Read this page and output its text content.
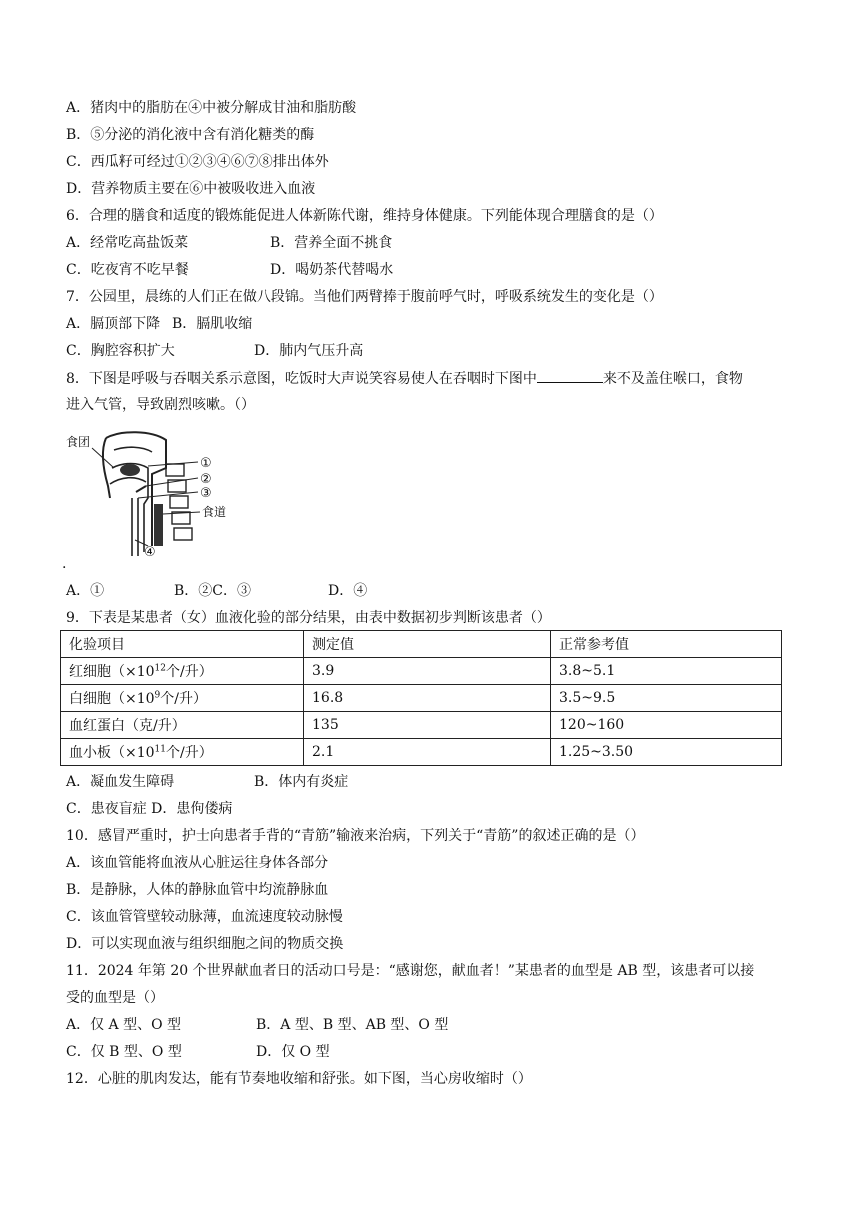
A．猪肉中的脂肪在④中被分解成甘油和脂肪酸
B．⑤分泌的消化液中含有消化糖类的酶
C．西瓜籽可经过①②③④⑥⑦⑧排出体外
D．营养物质主要在⑥中被吸收进入血液
6．合理的膳食和适度的锻炼能促进人体新陈代谢，维持身体健康。下列能体现合理膳食的是（）
A．经常吃高盐饭菜	B．营养全面不挑食
C．吃夜宵不吃早餐	D．喝奶茶代替喝水
7．公园里，晨练的人们正在做八段锦。当他们两臂捧于腹前呼气时，呼吸系统发生的变化是（）
A．膈顶部下降 B．膈肌收缩
C．胸腔容积扩大	D．肺内气压升高
8．下图是呼吸与吞咽关系示意图，吃饭时大声说笑容易使人在吞咽时下图中	来不及盖住喉口，食物
进入气管，导致剧烈咳嗽。（）
食团
①
②
③
食道
④
.
A．①	B．②C．③	D．④
9．下表是某患者（女）血液化验的部分结果，由表中数据初步判断该患者（）
化验项目	测定值	正常参考值
红细胞（$\times 10^{12}$个/升）	3.9	3.8~5.1
白细胞（$\times 10^9$个/升）	16.8	3.5~9.5
血红蛋白（克/升）	135	120~160
血小板（$\times 10^{11}$个/升）	2.1	1.25~3.50
A．凝血发生障碍	B．体内有炎症
C．患夜盲症 D．患佝偻病
10．感冒严重时，护士向患者手背的“青筋”输液来治病，下列关于“青筋”的叙述正确的是（）
A．该血管能将血液从心脏运往身体各部分
B．是静脉，人体的静脉血管中均流静脉血
C．该血管管壁较动脉薄，血流速度较动脉慢
D．可以实现血液与组织细胞之间的物质交换
11．2024 年第 20 个世界献血者日的活动口号是：“感谢您，献血者！”某患者的血型是 AB 型，该患者可以接
受的血型是（）
A．仅 A 型、O 型	B．A 型、B 型、AB 型、O 型
C．仅 B 型、O 型	D．仅 O 型
12．心脏的肌肉发达，能有节奏地收缩和舒张。如下图，当心房收缩时（）
